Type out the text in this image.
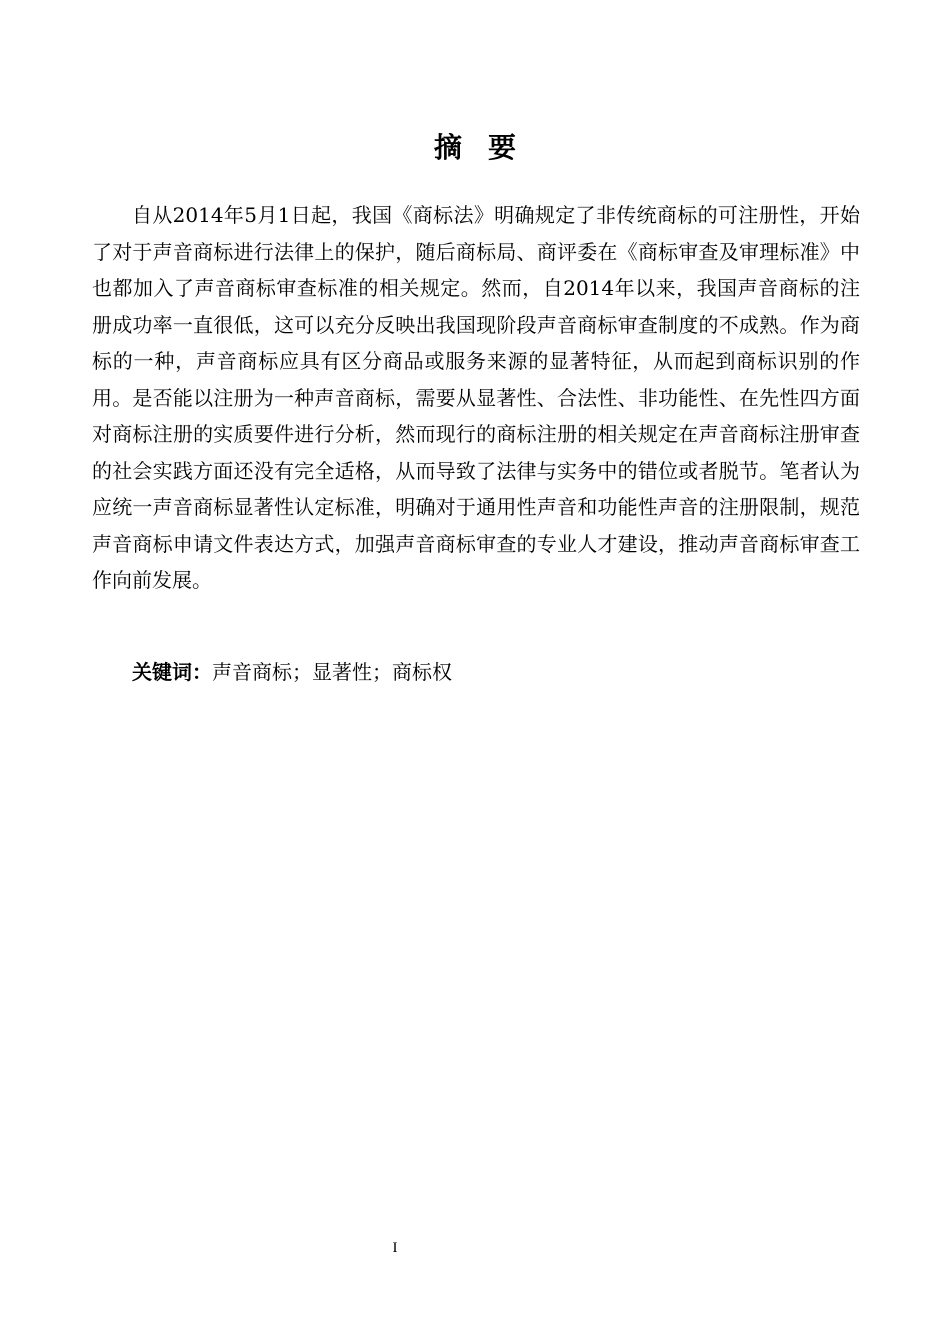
摘要

自从2014年5月1日起，我国《商标法》明确规定了非传统商标的可注册性，开始了对于声音商标进行法律上的保护，随后商标局、商评委在《商标审查及审理标准》中也都加入了声音商标审查标准的相关规定。然而，自2014年以来，我国声音商标的注册成功率一直很低，这可以充分反映出我国现阶段声音商标审查制度的不成熟。作为商标的一种，声音商标应具有区分商品或服务来源的显著特征，从而起到商标识别的作用。是否能以注册为一种声音商标，需要从显著性、合法性、非功能性、在先性四方面对商标注册的实质要件进行分析，然而现行的商标注册的相关规定在声音商标注册审查的社会实践方面还没有完全适格，从而导致了法律与实务中的错位或者脱节。笔者认为应统一声音商标显著性认定标准，明确对于通用性声音和功能性声音的注册限制，规范声音商标申请文件表达方式，加强声音商标审查的专业人才建设，推动声音商标审查工作向前发展。

关键词：声音商标；显著性；商标权

I
